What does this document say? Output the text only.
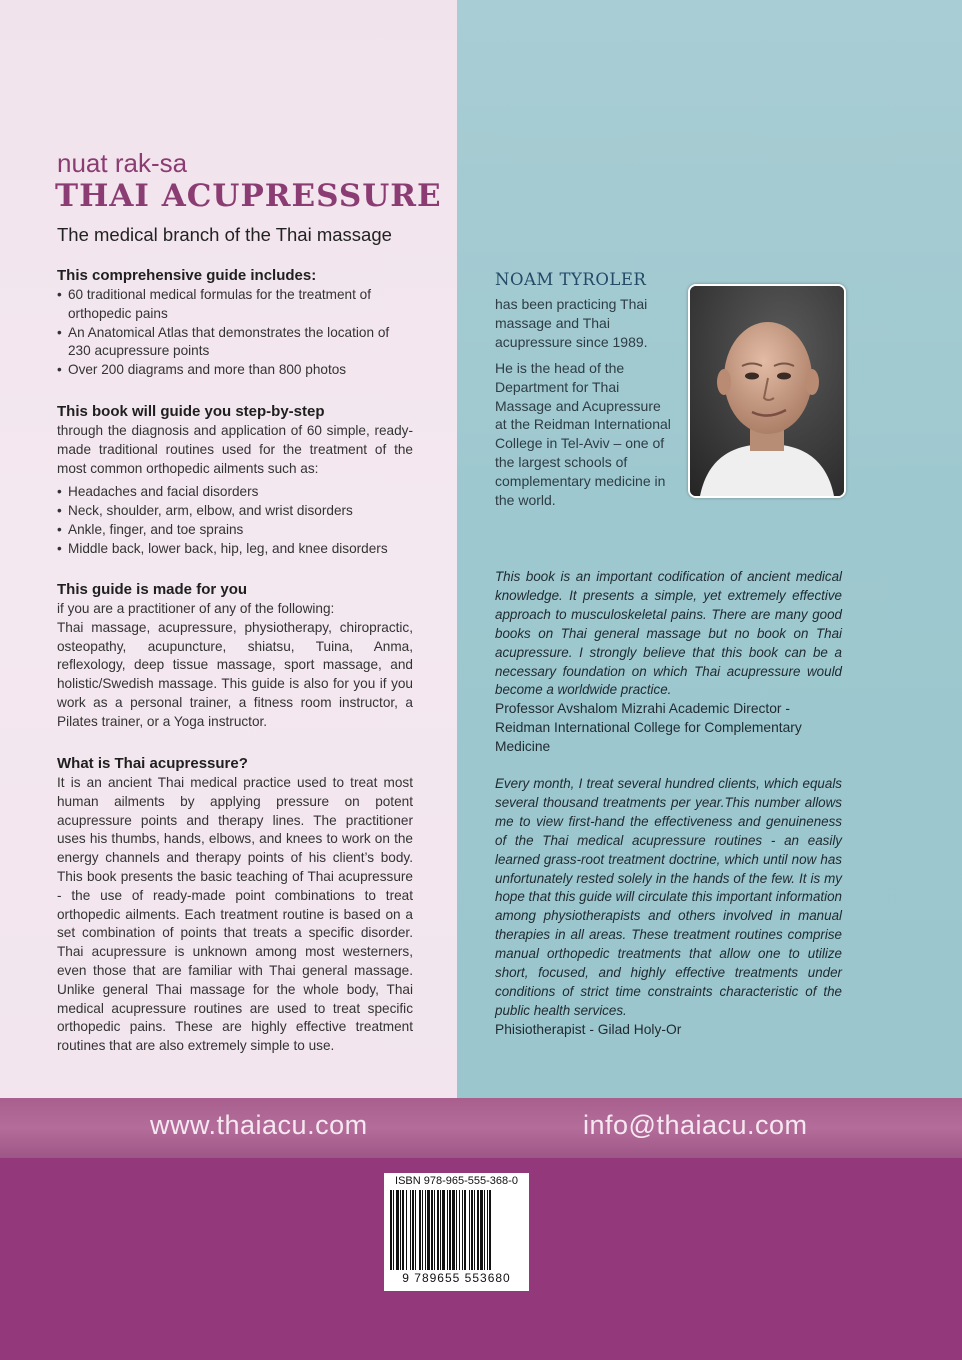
nuat rak-sa
THAI ACUPRESSURE
The medical branch of the Thai massage
This comprehensive guide includes:
• 60 traditional medical formulas for the treatment of orthopedic pains
• An Anatomical Atlas that demonstrates the location of 230 acupressure points
• Over 200 diagrams and more than 800 photos
This book will guide you step-by-step

through the diagnosis and application of 60 simple, ready-made traditional routines used for the treatment of the most common orthopedic ailments such as:

• Headaches and facial disorders
• Neck, shoulder, arm, elbow, and wrist disorders
• Ankle, finger, and toe sprains
• Middle back, lower back, hip, leg, and knee disorders
This guide is made for you

if you are a practitioner of any of the following:

Thai massage, acupressure, physiotherapy, chiropractic, osteopathy, acupuncture, shiatsu, Tuina, Anma, reflexology, deep tissue massage, sport massage, and holistic/Swedish massage. This guide is also for you if you work as a personal trainer, a fitness room instructor, a Pilates trainer, or a Yoga instructor.

What is Thai acupressure?

It is an ancient Thai medical practice used to treat most human ailments by applying pressure on potent acupressure points and therapy lines. The practitioner uses his thumbs, hands, elbows, and knees to work on the energy channels and therapy points of his client’s body. This book presents the basic teaching of Thai acupressure - the use of ready-made point combinations to treat orthopedic ailments. Each treatment routine is based on a set combination of points that treats a specific disorder. Thai acupressure is unknown among most westerners, even those that are familiar with Thai general massage. Unlike general Thai massage for the whole body, Thai medical acupressure routines are used to treat specific orthopedic pains. These are highly effective treatment routines that are also extremely simple to use.

NOAM TYROLER
has been practicing Thai massage and Thai acupressure since 1989.
He is the head of the Department for Thai Massage and Acupressure at the Reidman International College in Tel-Aviv – one of the largest schools of complementary medicine in the world.
This book is an important codification of ancient medical knowledge. It presents a simple, yet extremely effective approach to musculoskeletal pains. There are many good books on Thai general massage but no book on Thai acupressure. I strongly believe that this book can be a necessary foundation on which Thai acupressure would become a worldwide practice.
Professor Avshalom Mizrahi Academic Director - Reidman International College for Complementary Medicine
Every month, I treat several hundred clients, which equals several thousand treatments per year.This number allows me to view first-hand the effectiveness and genuineness of the Thai medical acupressure routines - an easily learned grass-root treatment doctrine, which until now has unfortunately rested solely in the hands of the few. It is my hope that this guide will circulate this important information among physiotherapists and others involved in manual therapies in all areas. These treatment routines comprise manual orthopedic treatments that allow one to utilize short, focused, and highly effective treatments under conditions of strict time constraints characteristic of the public health services.
Phisiotherapist - Gilad Holy-Or
www.thaiacu.com	info@thaiacu.com
ISBN 978-965-555-368-0
9 789655 553680
